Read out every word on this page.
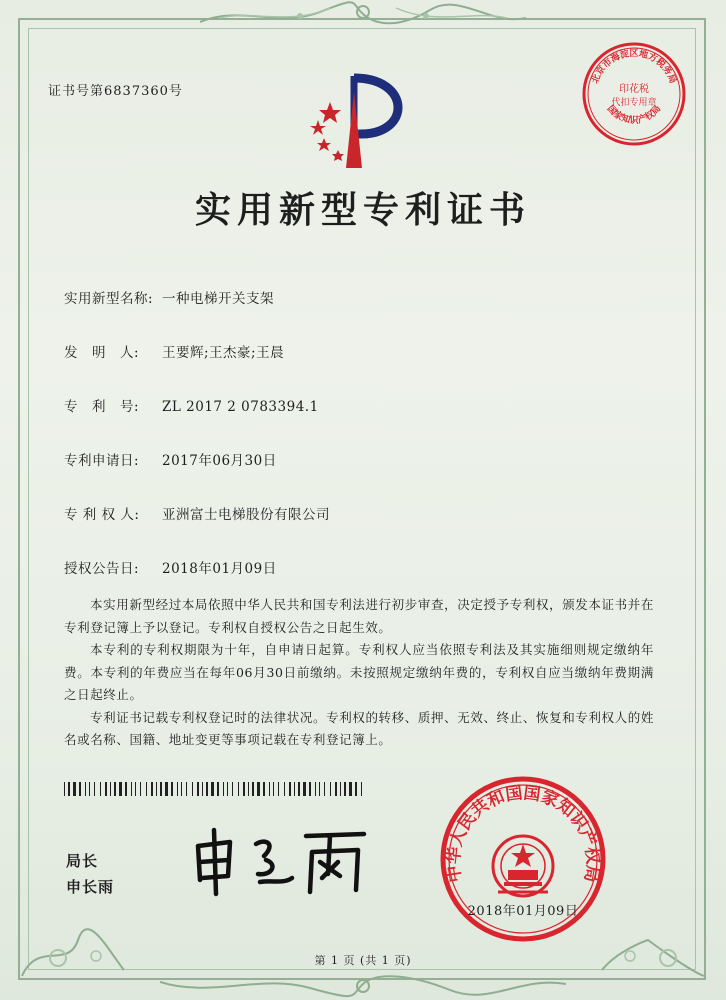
证书号第6837360号
北京市海淀区地方税务局
印花税
代扣专用章
国家知识产权局
实用新型专利证书
实用新型名称: 一种电梯开关支架
发　明　人: 王要辉;王杰豪;王晨
专　利　号: ZL 2017 2 0783394.1
专利申请日: 2017年06月30日
专 利 权 人: 亚洲富士电梯股份有限公司
授权公告日: 2018年01月09日

本实用新型经过本局依照中华人民共和国专利法进行初步审查，决定授予专利权，颁发本证书并在专利登记簿上予以登记。专利权自授权公告之日起生效。

本专利的专利权期限为十年，自申请日起算。专利权人应当依照专利法及其实施细则规定缴纳年费。本专利的年费应当在每年06月30日前缴纳。未按照规定缴纳年费的，专利权自应当缴纳年费期满之日起终止。

专利证书记载专利权登记时的法律状况。专利权的转移、质押、无效、终止、恢复和专利权人的姓名或名称、国籍、地址变更等事项记载在专利登记簿上。

局长
申长雨
中华人民共和国国家知识产权局
2018年01月09日
第 1 页 (共 1 页)
